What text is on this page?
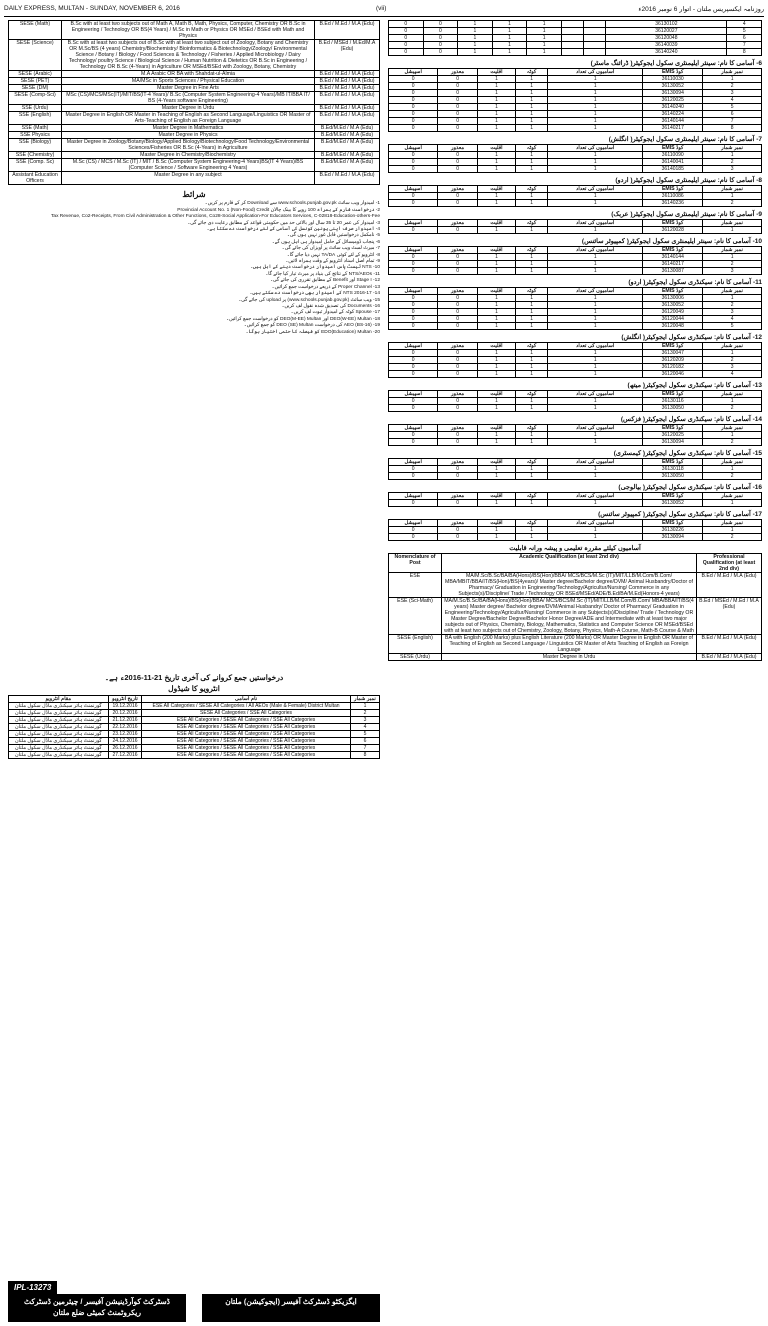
DAILY EXPRESS, MULTAN - SUNDAY, NOVEMBER 6, 2016	(vii)	روزنامہ ایکسپریس ملتان - اتوار 6 نومبر 2016ء
SESE (Math)	B.Sc with at least two subjects out of Math A, Math B, Math, Physics, Computer, Chemistry OR B.Sc in Engineering / Technology OR BS(4 Years) / M.Sc in Math or Physics OR MSEd / BSEd with Math and Physics	B.Ed / M.Ed / M.A (Edu)
SESE (Science)	B.Sc with at least two subjects out of B.Sc with at least two subject out of Zoology, Botany and Chemistry OR M.Sc/BS (4 years) Chemistry/Biochemistry/ Bioinformatics & Biotechnology/Zoology/ Environmental Science / Botany / Biology / Food Sciences & Technology / Fisheries / Applied Microbiology / Dairy Technology/ poultry Science / Biological Science / Human Nutrition & Dietetics OR B.Sc in Engineering / Technology OR B.Sc (4-Years) in Agriculture OR MSEd/BSEd with Zoology, Botany, Chemistry	B.Ed / MSEd / M.Ed/M.A (Edu)
SESE (Arabic)	M.A Arabic OR BA with Shahdat-ul-Almia	B.Ed / M.Ed / M.A (Edu)
SESE (PET)	MA/MSc in Sports Sciences / Physical Education	B.Ed / M.Ed / M.A (Edu)
SESE (DM)	Master Degree in Fine Arts	B.Ed / M.Ed / M.A (Edu)
SESE (Comp-Sci)	MSc (CS)/MCS/MSc(IT)/MIT/BS(IT-4 Years)/ B.Sc (Computer System Engineering-4 Years)/MB IT/BBA IT/ BS (4-Years software Engineering)	B.Ed / M.Ed / M.A (Edu)
SSE (Urdu)	Master Degree in Urdu	B.Ed / M.Ed / M.A (Edu)
SSE (English)	Master Degree in English OR Master in Teaching of English as Second Language/Linguistics OR Master of Arts-Teaching of English as Foreign Language	B.Ed / M.Ed / M.A (Edu)
SSE (Math)	Master Degree in Mathematics	B.Ed/M.Ed / M.A (Edu)
SSE Physics	Master Degree in Physics	B.Ed/M.Ed / M.A (Edu)
SSE (Biology)	Master Degree in Zoology/Botany/Biology/Applied Biology/Biotechnology/Food Technology/Environmental Sciences/Fisheries OR B.Sc (4-Years) in Agriculture	B.Ed/M.Ed / M.A (Edu)
SSE (Chemistry)	Master Degree in Chemistry/Biochemistry	B.Ed/M.Ed / M.A (Edu)
SSE (Comp. Sc)	M.Sc (CS) / MCS / M.Sc (IT) / MIT / B.Sc (Computer System Engineering-4 Years)BS(IT 4 Years)/BS (Computer Science / Software Engineering 4 Years)	B.Ed/M.Ed / M.A (Edu)
Assistant Education Officers	Master Degree in any subject	B.Ed / M.Ed / M.A (Edu)
شرائط
1- ‎امیدوار ویب سائٹ www.schools.punjab.gov.pk سے Download کر کے فارم پر کریں۔
2- ‎درخواست فارم کے ہمراہ 100 روپے کا بینک چالان Provincial Account No. 1 (Non-Food) Credit
Tax Revenue, Co2-Receipts, From Civil Administration & Other Functions, Co28-Social Application-For Educators Services, C-02818-Education-others-Fee
3- ‎امیدوار کی عمر 20 تا 35 سال اور بالائی حد میں حکومتی قواعد کے مطابق رعایت دی جائے گی۔
4- ‎امیدوار صرف اپنی یونین کونسل کی آسامی کے لئے درخواست دے سکتا ہے۔
5- ‎نامکمل درخواستیں قابل غور نہیں ہوں گی۔
6- ‎پنجاب ڈومیسائل کے حامل امیدوار ہی اہل ہوں گے۔
7- ‎میرٹ لسٹ ویب سائٹ پر آویزاں کی جائے گی۔
8- ‎انٹرویو کے لئے کوئی TA/DA نہیں دیا جائے گا۔
9- ‎تمام اصل اسناد انٹرویو کے وقت ہمراہ لائیں۔
10- ‎NTS ٹیسٹ پاس امیدوار درخواست دینے کے اہل ہیں۔
11- ‎NTS/AEOs کے نتائج کی بنیاد پر میرٹ تیار کیا جائے گا۔
12- ‎Stage I اور Benefit کے مطابق تقرری کی جائے گی۔
13- ‎Proper Channel کے ذریعے درخواست جمع کرائیں۔
14- ‎NTS 2016-17 کے امیدوار بھی درخواست دے سکتے ہیں۔
15- ‎ویب سائٹ (www.schools.punjab.gov.pk) پر upload کی جائے گی۔
16- ‎Documents کی تصدیق شدہ نقول لف کریں۔
17- ‎Spouse کوٹہ کے امیدوار ثبوت لف کریں۔
18- ‎DEO(W-EE) Multan اور DEO(M-EE) Multan کو درخواست جمع کرائیں۔
19- ‎AEO (BS-16) کی درخواست DEO (SE) Multan کو جمع کرائیں۔
20- ‎EDO(Education) Multan کو فیصلہ کا حتمی اختیار ہوگا۔
درخواستیں جمع کروانے کی آخری تاریخ 21-11-2016ء ہے۔
انٹرویو کا شیڈول
مقام انٹرویو	تاریخ انٹرویو	نام آسامی	نمبر شمار
گورنمنٹ ہائر سیکنڈری ماڈل سکول ملتان	19.12.2016	ESE All Categories / SESE All Categories / All AEOs (Male & Female) District Multan	1
گورنمنٹ ہائر سیکنڈری ماڈل سکول ملتان	20.12.2016	SESE All Categories / SSE All Categories	2
گورنمنٹ ہائر سیکنڈری ماڈل سکول ملتان	21.12.2016	ESE All Categories / SESE All Categories / SSE All Categories	3
گورنمنٹ ہائر سیکنڈری ماڈل سکول ملتان	22.12.2016	ESE All Categories / SESE All Categories / SSE All Categories	4
گورنمنٹ ہائر سیکنڈری ماڈل سکول ملتان	23.12.2016	ESE All Categories / SESE All Categories / SSE All Categories	5
گورنمنٹ ہائر سیکنڈری ماڈل سکول ملتان	24.12.2016	ESE All Categories / SESE All Categories / SSE All Categories	6
گورنمنٹ ہائر سیکنڈری ماڈل سکول ملتان	26.12.2016	ESE All Categories / SESE All Categories / SSE All Categories	7
گورنمنٹ ہائر سیکنڈری ماڈل سکول ملتان	27.12.2016	ESE All Categories / SESE All Categories / SSE All Categories	8
IPL-13273
ڈسٹرکٹ کوآرڈینیشن آفیسر / چیئرمین ڈسٹرکٹ ریکروٹمنٹ کمیٹی ضلع ملتان
ایگزیکٹو ڈسٹرکٹ آفیسر (ایجوکیشن) ملتان
0	0	1	1	1			36130102	4
0	0	1	1	1			36120027	5
0	0	1	1	1			36120048	6
0	0	1	1	1			36140039	7
0	0	1	1	1			36140240	8
6- آسامی کا نام: سینئر ایلیمنٹری سکول ایجوکیٹر( ڈرائنگ ماسٹر)
اسپیشل	معذور	اقلیت	کوٹہ	آسامیوں کی تعداد	EMIS کوڈ	نمبر شمار
0	0	1	1	1	36110030	1
0	0	1	1	1	36130052	2
0	0	1	1	1	36130094	3
0	0	1	1	1	36120025	4
0	0	1	1	1	36140240	5
0	0	1	1	1	36140224	6
0	0	1	1	1	36140144	7
0	0	1	1	1	36140217	8
7- آسامی کا نام: سینئر ایلیمنٹری سکول ایجوکیٹر( انگلش)
اسپیشل	معذور	اقلیت	کوٹہ	آسامیوں کی تعداد	EMIS کوڈ	نمبر شمار
0	0	1	1	1	36110090	1
0	0	1	1	1	36140041	2
0	0	1	1	1	36140185	3
8- آسامی کا نام: سینئر ایلیمنٹری سکول ایجوکیٹر( اردو)
اسپیشل	معذور	اقلیت	کوٹہ	آسامیوں کی تعداد	EMIS کوڈ	نمبر شمار
0	0	1	1	1	36110086	1
0	0	1	1	1	36140236	2
9- آسامی کا نام: سینئر ایلیمنٹری سکول ایجوکیٹر( عربک)
اسپیشل	معذور	اقلیت	کوٹہ	آسامیوں کی تعداد	EMIS کوڈ	نمبر شمار
0	0	1	1	1	36120028	1
10- آسامی کا نام: سینئر ایلیمنٹری سکول ایجوکیٹر( کمپیوٹر سائنس)
اسپیشل	معذور	اقلیت	کوٹہ	آسامیوں کی تعداد	EMIS کوڈ	نمبر شمار
0	0	1	1	1	36140144	1
0	0	1	1	1	36140217	2
0	0	1	1	1	36130087	3
11- آسامی کا نام: سیکنڈری سکول ایجوکیٹر( اردو)
اسپیشل	معذور	اقلیت	کوٹہ	آسامیوں کی تعداد	EMIS کوڈ	نمبر شمار
0	0	1	1	1	36130006	1
0	0	1	1	1	36130052	2
0	0	1	1	1	36120049	3
0	0	1	1	1	36120044	4
0	0	1	1	1	36120048	5
12- آسامی کا نام: سیکنڈری سکول ایجوکیٹر( انگلش)
اسپیشل	معذور	اقلیت	کوٹہ	آسامیوں کی تعداد	EMIS کوڈ	نمبر شمار
0	0	1	1	1	36130047	1
0	0	1	1	1	36120209	2
0	0	1	1	1	36120182	3
0	0	1	1	1	36120046	4
13- آسامی کا نام: سیکنڈری سکول ایجوکیٹر( میتھ)
اسپیشل	معذور	اقلیت	کوٹہ	آسامیوں کی تعداد	EMIS کوڈ	نمبر شمار
0	0	1	1	1	36130116	1
0	0	1	1	1	36130050	2
14- آسامی کا نام: سیکنڈری سکول ایجوکیٹر( فزکس)
اسپیشل	معذور	اقلیت	کوٹہ	آسامیوں کی تعداد	EMIS کوڈ	نمبر شمار
0	0	1	1	1	36120025	1
0	0	1	1	1	36130094	2
15- آسامی کا نام: سیکنڈری سکول ایجوکیٹر( کیمسٹری)
اسپیشل	معذور	اقلیت	کوٹہ	آسامیوں کی تعداد	EMIS کوڈ	نمبر شمار
0	0	1	1	1	36130118	1
0	0	1	1	1	36130050	2
16- آسامی کا نام: سیکنڈری سکول ایجوکیٹر( بیالوجی)
اسپیشل	معذور	اقلیت	کوٹہ	آسامیوں کی تعداد	EMIS کوڈ	نمبر شمار
0	0	1	1	1	36130052	1
17- آسامی کا نام: سیکنڈری سکول ایجوکیٹر( کمپیوٹر سائنس)
اسپیشل	معذور	اقلیت	کوٹہ	آسامیوں کی تعداد	EMIS کوڈ	نمبر شمار
0	0	1	1	1	36130226	1
0	0	1	1	1	36130094	2
آسامیوں کیلئے مقررہ تعلیمی و پیشہ ورانہ قابلیت
Nomenclature of Post	Academic Qualification (at least 2nd div)	Professional Qualification (at least 2nd div)
ESE	MA/M.Sc/B.Sc/BA/BA(Hons)/BS(Hon)/BBA/ MCS/BCS/M.Sc (IT)/MIT/LLB/M.Com/B.Com/ MBA/MBIT/BBA/IT/BS(Hon)/BS(4years)/ Master degree/Bachelor degree/DVM/ Animal Husbandry/Doctor of Pharmacy/ Graduation in Engineering/Technology/Agricultur/Nursing/ Commerce in any Subjects(s)/Discipline/ Trade / Technology OR BSEd/MSEd/ADE/B.Ed/BA/M.Ed(Honors-4 years)	B.Ed / M.Ed / M.A (Edu)
ESE (Sci-Math)	MA/M.Sc/B.Sc/BA/BA(Hons)/BS(Hon)/BBA/ MCS/BCS/M.Sc (IT)/MIT/LLB/M.Com/B.Com/ MBA/BBA/IT/BS(4 years) Master degree/ Bachelor degree/DVM/Animal Husbandry/ Doctor of Pharmacy/ Graduation in Engineering/Technology/Agricultur/Nursing/ Commerce in any Subjects(s)/Discipline/ Trade / Technology OR Master Degree/Bachelor Degree/Bachelor Honor Degree/ADE and Intermediate with at least two major subjects out of Physics, Chemistry, Biology, Mathematics, Statistics and Computer Science OR MSEd/BSEd with at least two subjects out of Chemistry, Zoology, Botany, Physics, Math-A Course, Math-B Course & Math	B.Ed / MSEd / M.Ed / M.A (Edu)
SESE (English)	BA with English (200 Marks) plus English Literature (200 Marks) OR Master Degree in English OR Master of Teaching of English as Second Language / Linguistics OR Master of Arts Teaching of English as Foreign Language	B.Ed / M.Ed / M.A (Edu)
SESE (Urdu)	Master Degree in Urdu	B.Ed / M.Ed / M.A (Edu)
